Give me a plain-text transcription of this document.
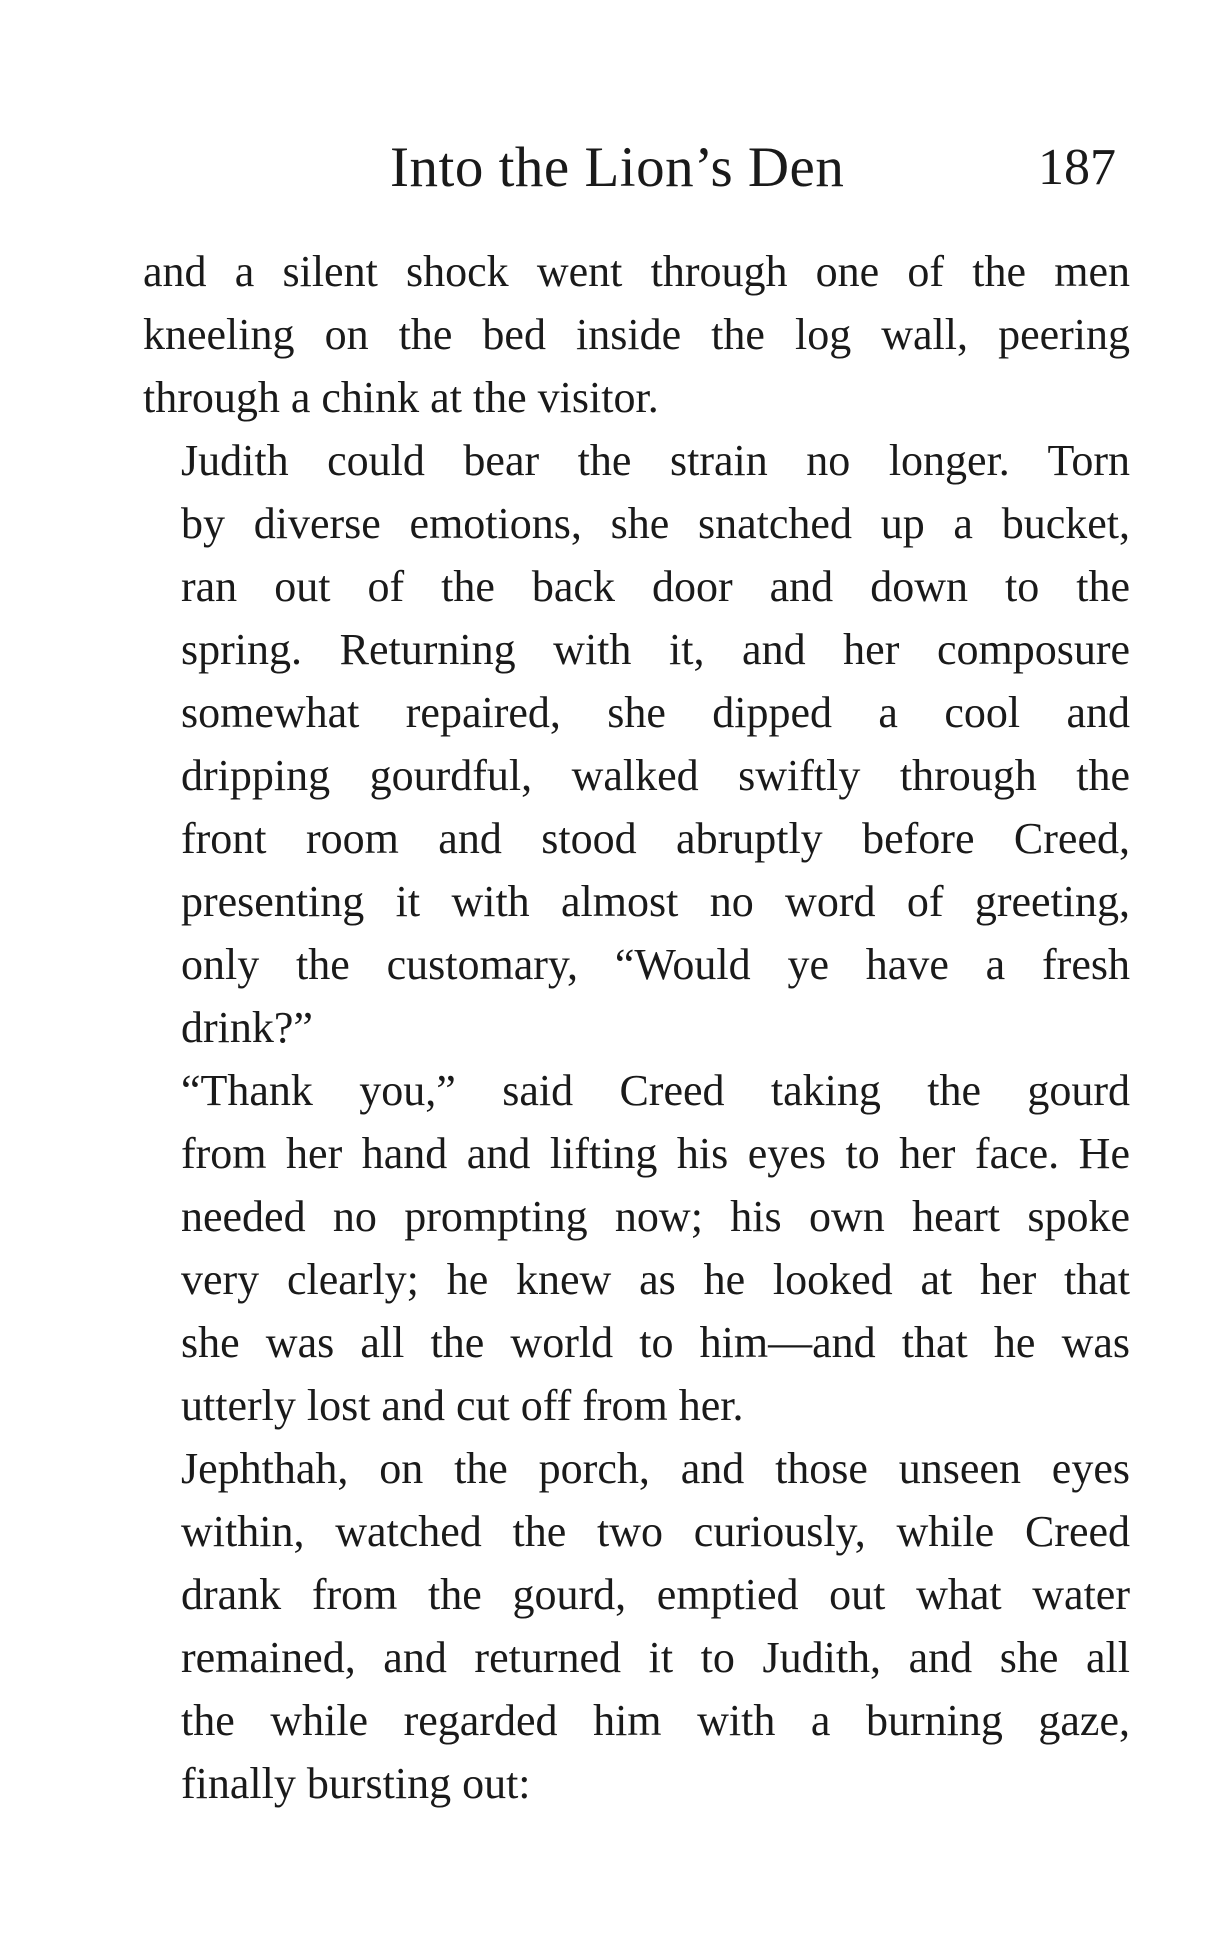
Into the Lion’s Den	187

and a silent shock went through one of the men
kneeling on the bed inside the log wall, peering
through a chink at the visitor.

Judith could bear the strain no longer. Torn
by diverse emotions, she snatched up a bucket,
ran out of the back door and down to the
spring. Returning with it, and her composure
somewhat repaired, she dipped a cool and
dripping gourdful, walked swiftly through the
front room and stood abruptly before Creed,
presenting it with almost no word of greeting,
only the customary, “Would ye have a fresh
drink?”

“Thank you,” said Creed taking the gourd
from her hand and lifting his eyes to her face. He
needed no prompting now; his own heart spoke
very clearly; he knew as he looked at her that
she was all the world to him—and that he was
utterly lost and cut off from her.

Jephthah, on the porch, and those unseen eyes
within, watched the two curiously, while Creed
drank from the gourd, emptied out what water
remained, and returned it to Judith, and she all
the while regarded him with a burning gaze,
finally bursting out:
